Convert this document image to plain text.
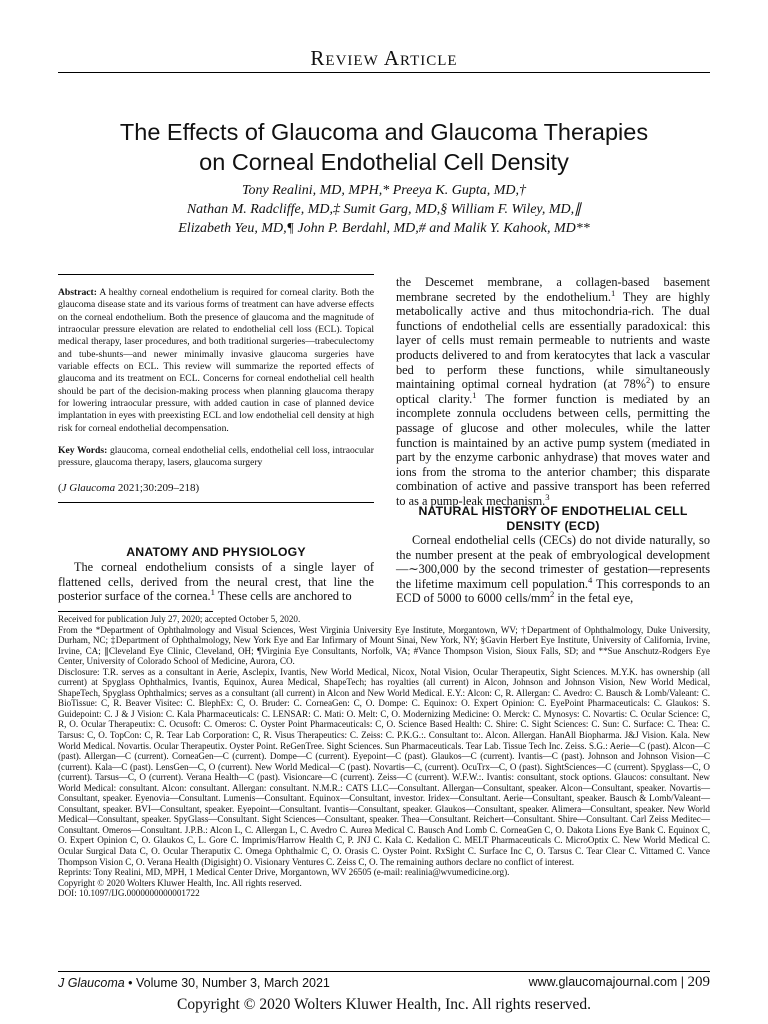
Review Article
The Effects of Glaucoma and Glaucoma Therapies
on Corneal Endothelial Cell Density
Tony Realini, MD, MPH,* Preeya K. Gupta, MD,†
Nathan M. Radcliffe, MD,‡ Sumit Garg, MD,§ William F. Wiley, MD,∥
Elizabeth Yeu, MD,¶ John P. Berdahl, MD,# and Malik Y. Kahook, MD**

Abstract: A healthy corneal endothelium is required for corneal clarity. Both the glaucoma disease state and its various forms of treatment can have adverse effects on the corneal endothelium. Both the presence of glaucoma and the magnitude of intraocular pressure elevation are related to endothelial cell loss (ECL). Topical medical therapy, laser procedures, and both traditional surgeries—trabeculectomy and tube-shunts—and newer minimally invasive glaucoma surgeries have variable effects on ECL. This review will summarize the reported effects of glaucoma and its treatment on ECL. Concerns for corneal endothelial cell health should be part of the decision-making process when planning glaucoma therapy for lowering intraocular pressure, with added caution in case of planned device implantation in eyes with preexisting ECL and low endothelial cell density at high risk for corneal endothelial decompensation.

Key Words: glaucoma, corneal endothelial cells, endothelial cell loss, intraocular pressure, glaucoma therapy, lasers, glaucoma surgery

(J Glaucoma 2021;30:209–218)

ANATOMY AND PHYSIOLOGY

The corneal endothelium consists of a single layer of flattened cells, derived from the neural crest, that line the posterior surface of the cornea.$^1$ These cells are anchored to

the Descemet membrane, a collagen-based basement membrane secreted by the endothelium.$^1$ They are highly metabolically active and thus mitochondria-rich. The dual functions of endothelial cells are essentially paradoxical: this layer of cells must remain permeable to nutrients and waste products delivered to and from keratocytes that lack a vascular bed to perform these functions, while simultaneously maintaining optimal corneal hydration (at 78%$^2$) to ensure optical clarity.$^1$ The former function is mediated by an incomplete zonnula occludens between cells, permitting the passage of glucose and other molecules, while the latter function is maintained by an active pump system (mediated in part by the enzyme carbonic anhydrase) that moves water and ions from the stroma to the anterior chamber; this disparate combination of active and passive transport has been referred to as a pump-leak mechanism.$^3$

NATURAL HISTORY OF ENDOTHELIAL CELL
DENSITY (ECD)

Corneal endothelial cells (CECs) do not divide naturally, so the number present at the peak of embryological development—∼300,000 by the second trimester of gestation—represents the lifetime maximum cell population.$^4$ This corresponds to an ECD of 5000 to 6000 cells/$mm^2$ in the fetal eye,

Received for publication July 27, 2020; accepted October 5, 2020.

From the *Department of Ophthalmology and Visual Sciences, West Virginia University Eye Institute, Morgantown, WV; †Department of Ophthalmology, Duke University, Durham, NC; ‡Department of Ophthalmology, New York Eye and Ear Infirmary of Mount Sinai, New York, NY; §Gavin Herbert Eye Institute, University of California, Irvine, Irvine, CA; ∥Cleveland Eye Clinic, Cleveland, OH; ¶Virginia Eye Consultants, Norfolk, VA; #Vance Thompson Vision, Sioux Falls, SD; and **Sue Anschutz-Rodgers Eye Center, University of Colorado School of Medicine, Aurora, CO.

Disclosure: T.R. serves as a consultant in Aerie, Asclepix, Ivantis, New World Medical, Nicox, Notal Vision, Ocular Therapeutix, Sight Sciences. M.Y.K. has ownership (all current) at Spyglass Ophthalmics, Ivantis, Equinox, Aurea Medical, ShapeTech; has royalties (all current) in Alcon, Johnson and Johnson Vision, New World Medical, ShapeTech, Spyglass Ophthalmics; serves as a consultant (all current) in Alcon and New World Medical. E.Y.: Alcon: C, R. Allergan: C. Avedro: C. Bausch & Lomb/Valeant: C. BioTissue: C, R. Beaver Visitec: C. BlephEx: C, O. Bruder: C. CorneaGen: C, O. Dompe: C. Equinox: O. Expert Opinion: C. EyePoint Pharmaceuticals: C. Glaukos: S. Guidepoint: C. J & J Vision: C. Kala Pharmaceuticals: C. LENSAR: C. Mati: O. Melt: C, O. Modernizing Medicine: O. Merck: C. Mynosys: C. Novartis: C. Ocular Science: C, R, O. Ocular Therapeutix: C. Ocusoft: C. Omeros: C. Oyster Point Pharmaceuticals: C, O. Science Based Health: C. Shire: C. Sight Sciences: C. Sun: C. Surface: C. Thea: C. Tarsus: C, O. TopCon: C, R. Tear Lab Corporation: C, R. Visus Therapeutics: C. Zeiss: C. P.K.G.:. Consultant to:. Alcon. Allergan. HanAll Biopharma. J&J Vision. Kala. New World Medical. Novartis. Ocular Therapeutix. Oyster Point. ReGenTree. Sight Sciences. Sun Pharmaceuticals. Tear Lab. Tissue Tech Inc. Zeiss. S.G.: Aerie—C (past). Alcon—C (past). Allergan—C (current). CorneaGen—C (current). Dompe—C (current). Eyepoint—C (past). Glaukos—C (current). Ivantis—C (past). Johnson and Johnson Vision—C (current). Kala—C (past). LensGen—C, O (current). New World Medical—C (past). Novartis—C, (current). OcuTrx—C, O (past). SightSciences—C (current). Spyglass—C, O (current). Tarsus—C, O (current). Verana Health—C (past). Visioncare—C (current). Zeiss—C (current). W.F.W.:. Ivantis: consultant, stock options. Glaucos: consultant. New World Medical: consultant. Alcon: consultant. Allergan: consultant. N.M.R.: CATS LLC—Consultant. Allergan—Consultant, speaker. Alcon—Consultant, speaker. Novartis—Consultant, speaker. Eyenovia—Consultant. Lumenis—Consultant. Equinox—Consultant, investor. Iridex—Consultant. Aerie—Consultant, speaker. Bausch & Lomb/Valeant—Consultant, speaker. BVI—Consultant, speaker. Eyepoint—Consultant. Ivantis—Consultant, speaker. Glaukos—Consultant, speaker. Alimera—Consultant, speaker. New World Medical—Consultant, speaker. SpyGlass—Consultant. Sight Sciences—Consultant, speaker. Thea—Consultant. Reichert—Consultant. Shire—Consultant. Carl Zeiss Meditec—Consultant. Omeros—Consultant. J.P.B.: Alcon L, C. Allergan L, C. Avedro C. Aurea Medical C. Bausch And Lomb C. CorneaGen C, O. Dakota Lions Eye Bank C. Equinox C, O. Expert Opinion C, O. Glaukos C, L. Gore C. Imprimis/Harrow Health C, P. JNJ C. Kala C. Kedalion C. MELT Pharmaceuticals C. MicroOptix C. New World Medical C. Ocular Surgical Data C, O. Ocular Theraputix C. Omega Ophthalmic C, O. Orasis C. Oyster Point. RxSight C. Surface Inc C, O. Tarsus C. Tear Clear C. Vittamed C. Vance Thompson Vision C, O. Verana Health (Digisight) O. Visionary Ventures C. Zeiss C, O. The remaining authors declare no conflict of interest.

Reprints: Tony Realini, MD, MPH, 1 Medical Center Drive, Morgantown, WV 26505 (e-mail: realinia@wvumedicine.org).

Copyright © 2020 Wolters Kluwer Health, Inc. All rights reserved.

DOI: 10.1097/IJG.0000000000001722

J Glaucoma • Volume 30, Number 3, March 2021	www.glaucomajournal.com | 209
Copyright © 2020 Wolters Kluwer Health, Inc. All rights reserved.
